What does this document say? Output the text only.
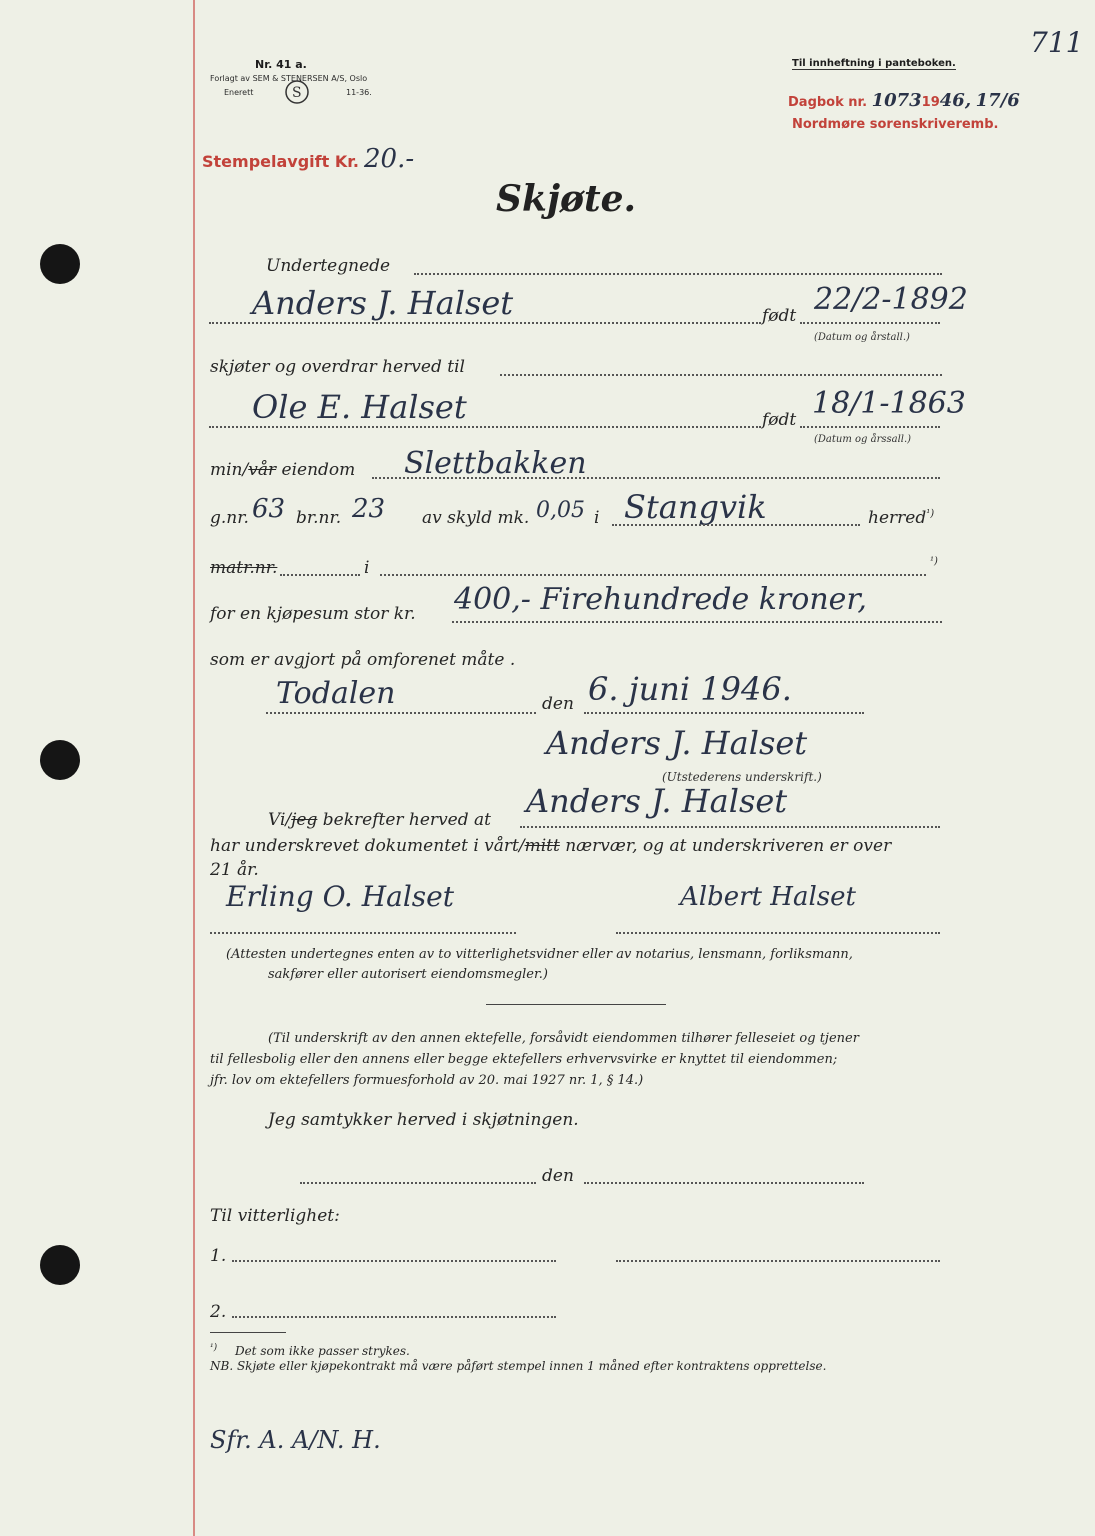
711
Nr. 41 a.
Forlagt av SEM & STENERSEN A/S, Oslo
Enerett	S	11-36.
Til innheftning i panteboken.
Dagbok nr. 10731946, 17/6
Nordmøre sorenskriveremb.
Stempelavgift Kr. 20.-
Skjøte.
Undertegnede
Anders J. Halset	født 22/2-1892
(Datum og årstall.)
skjøter og overdrar herved til
Ole E. Halset	født 18/1-1863
(Datum og årssall.)
min/vår eiendom Slettbakken
g.nr. 63 br.nr. 23 av skyld mk. 0,05 i Stangvik	herred$^{^1)}$
matr.nr.	i	¹)
for en kjøpesum stor kr. 400,- Firehundrede kroner,
som er avgjort på omforenet måte .
Todalen	den 6. juni 1946.
Anders J. Halset
(Utstederens underskrift.)
Vi/jeg bekrefter herved at Anders J. Halset
har underskrevet dokumentet i vårt/mitt nærvær, og at underskriveren er over
21 år.
Erling O. Halset	Albert Halset
(Attesten undertegnes enten av to vitterlighetsvidner eller av notarius, lensmann, forliksmann,
sakfører eller autorisert eiendomsmegler.)
(Til underskrift av den annen ektefelle, forsåvidt eiendommen tilhører felleseiet og tjener
til fellesbolig eller den annens eller begge ektefellers erhvervsvirke er knyttet til eiendommen;
jfr. lov om ektefellers formuesforhold av 20. mai 1927 nr. 1, § 14.)
Jeg samtykker herved i skjøtningen.
den
Til vitterlighet:
1.
2.
$^{^1)}$ Det som ikke passer strykes.
NB. Skjøte eller kjøpekontrakt må være påført stempel innen 1 måned efter kontraktens opprettelse.
Sfr. A. A/N. H.
